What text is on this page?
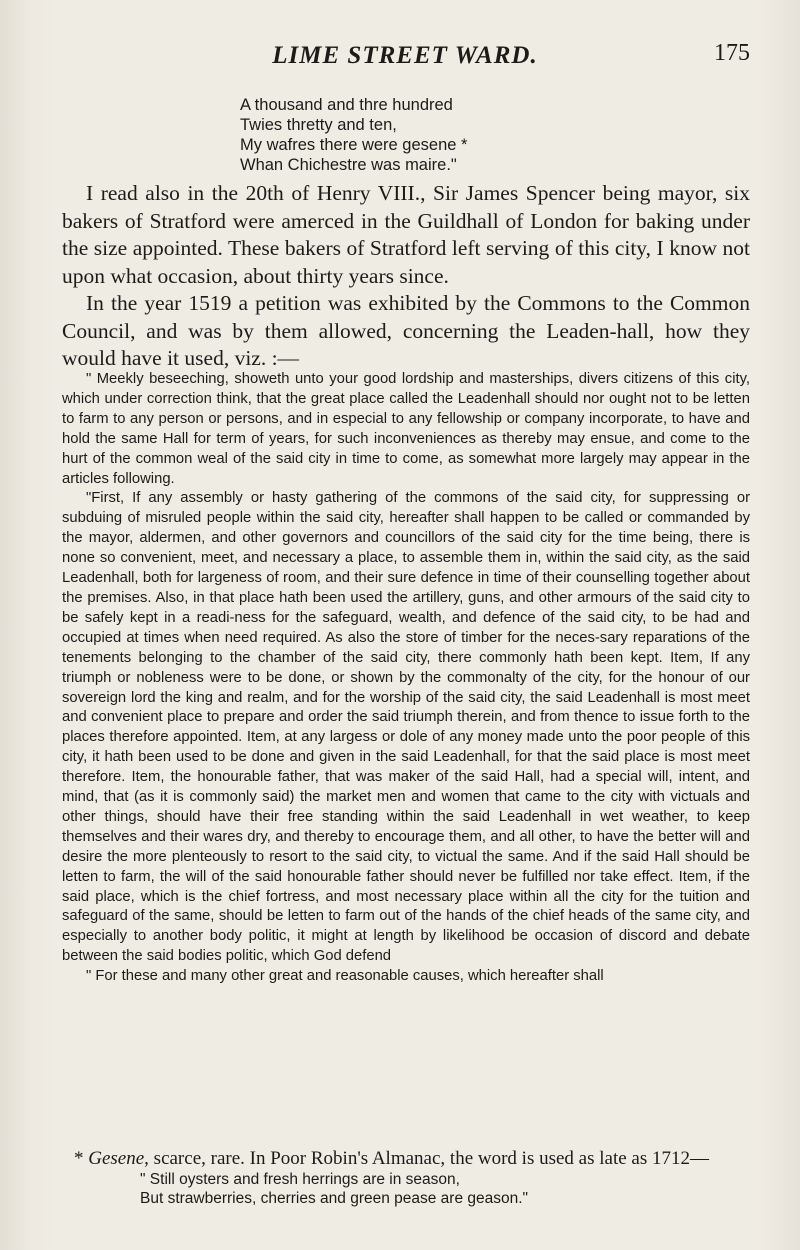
LIME STREET WARD.	175
A thousand and thre hundred
Twies thretty and ten,
My wafres there were gesene *
Whan Chichestre was maire."

I read also in the 20th of Henry VIII., Sir James Spencer being mayor, six bakers of Stratford were amerced in the Guildhall of London for baking under the size appointed. These bakers of Stratford left serving of this city, I know not upon what occasion, about thirty years since.

In the year 1519 a petition was exhibited by the Commons to the Common Council, and was by them allowed, concerning the Leaden-hall, how they would have it used, viz. :—

" Meekly beseeching, showeth unto your good lordship and masterships, divers citizens of this city, which under correction think, that the great place called the Leadenhall should nor ought not to be letten to farm to any person or persons, and in especial to any fellowship or company incorporate, to have and hold the same Hall for term of years, for such inconveniences as thereby may ensue, and come to the hurt of the common weal of the said city in time to come, as somewhat more largely may appear in the articles following.

"First, If any assembly or hasty gathering of the commons of the said city, for suppressing or subduing of misruled people within the said city, hereafter shall happen to be called or commanded by the mayor, aldermen, and other governors and councillors of the said city for the time being, there is none so convenient, meet, and necessary a place, to assemble them in, within the said city, as the said Leadenhall, both for largeness of room, and their sure defence in time of their counselling together about the premises. Also, in that place hath been used the artillery, guns, and other armours of the said city to be safely kept in a readi-ness for the safeguard, wealth, and defence of the said city, to be had and occupied at times when need required. As also the store of timber for the neces-sary reparations of the tenements belonging to the chamber of the said city, there commonly hath been kept. Item, If any triumph or nobleness were to be done, or shown by the commonalty of the city, for the honour of our sovereign lord the king and realm, and for the worship of the said city, the said Leadenhall is most meet and convenient place to prepare and order the said triumph therein, and from thence to issue forth to the places therefore appointed. Item, at any largess or dole of any money made unto the poor people of this city, it hath been used to be done and given in the said Leadenhall, for that the said place is most meet therefore. Item, the honourable father, that was maker of the said Hall, had a special will, intent, and mind, that (as it is commonly said) the market men and women that came to the city with victuals and other things, should have their free standing within the said Leadenhall in wet weather, to keep themselves and their wares dry, and thereby to encourage them, and all other, to have the better will and desire the more plenteously to resort to the said city, to victual the same. And if the said Hall should be letten to farm, the will of the said honourable father should never be fulfilled nor take effect. Item, if the said place, which is the chief fortress, and most necessary place within all the city for the tuition and safeguard of the same, should be letten to farm out of the hands of the chief heads of the same city, and especially to another body politic, it might at length by likelihood be occasion of discord and debate between the said bodies politic, which God defend

" For these and many other great and reasonable causes, which hereafter shall

* Gesene, scarce, rare. In Poor Robin's Almanac, the word is used as late as 1712—

" Still oysters and fresh herrings are in season,

But strawberries, cherries and green pease are geason."
